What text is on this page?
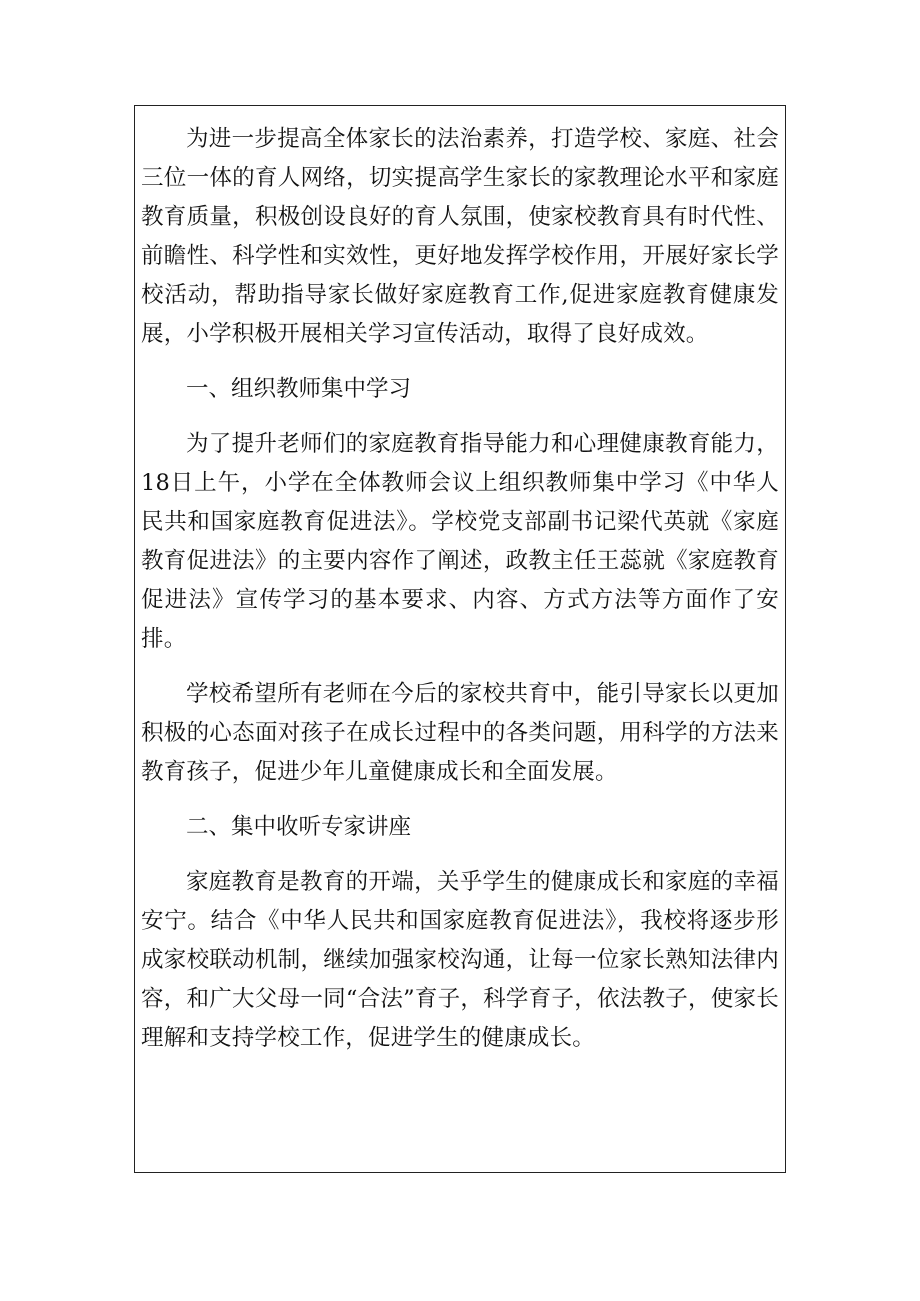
为进一步提高全体家长的法治素养，打造学校、家庭、社会三位一体的育人网络，切实提高学生家长的家教理论水平和家庭教育质量，积极创设良好的育人氛围，使家校教育具有时代性、前瞻性、科学性和实效性，更好地发挥学校作用，开展好家长学校活动，帮助指导家长做好家庭教育工作,促进家庭教育健康发展，小学积极开展相关学习宣传活动，取得了良好成效。

一、组织教师集中学习

为了提升老师们的家庭教育指导能力和心理健康教育能力，18日上午，小学在全体教师会议上组织教师集中学习《中华人民共和国家庭教育促进法》。学校党支部副书记梁代英就《家庭教育促进法》的主要内容作了阐述，政教主任王蕊就《家庭教育促进法》宣传学习的基本要求、内容、方式方法等方面作了安排。

学校希望所有老师在今后的家校共育中，能引导家长以更加积极的心态面对孩子在成长过程中的各类问题，用科学的方法来教育孩子，促进少年儿童健康成长和全面发展。

二、集中收听专家讲座

家庭教育是教育的开端，关乎学生的健康成长和家庭的幸福安宁。结合《中华人民共和国家庭教育促进法》，我校将逐步形成家校联动机制，继续加强家校沟通，让每一位家长熟知法律内容，和广大父母一同“合法”育子，科学育子，依法教子，使家长理解和支持学校工作，促进学生的健康成长。
